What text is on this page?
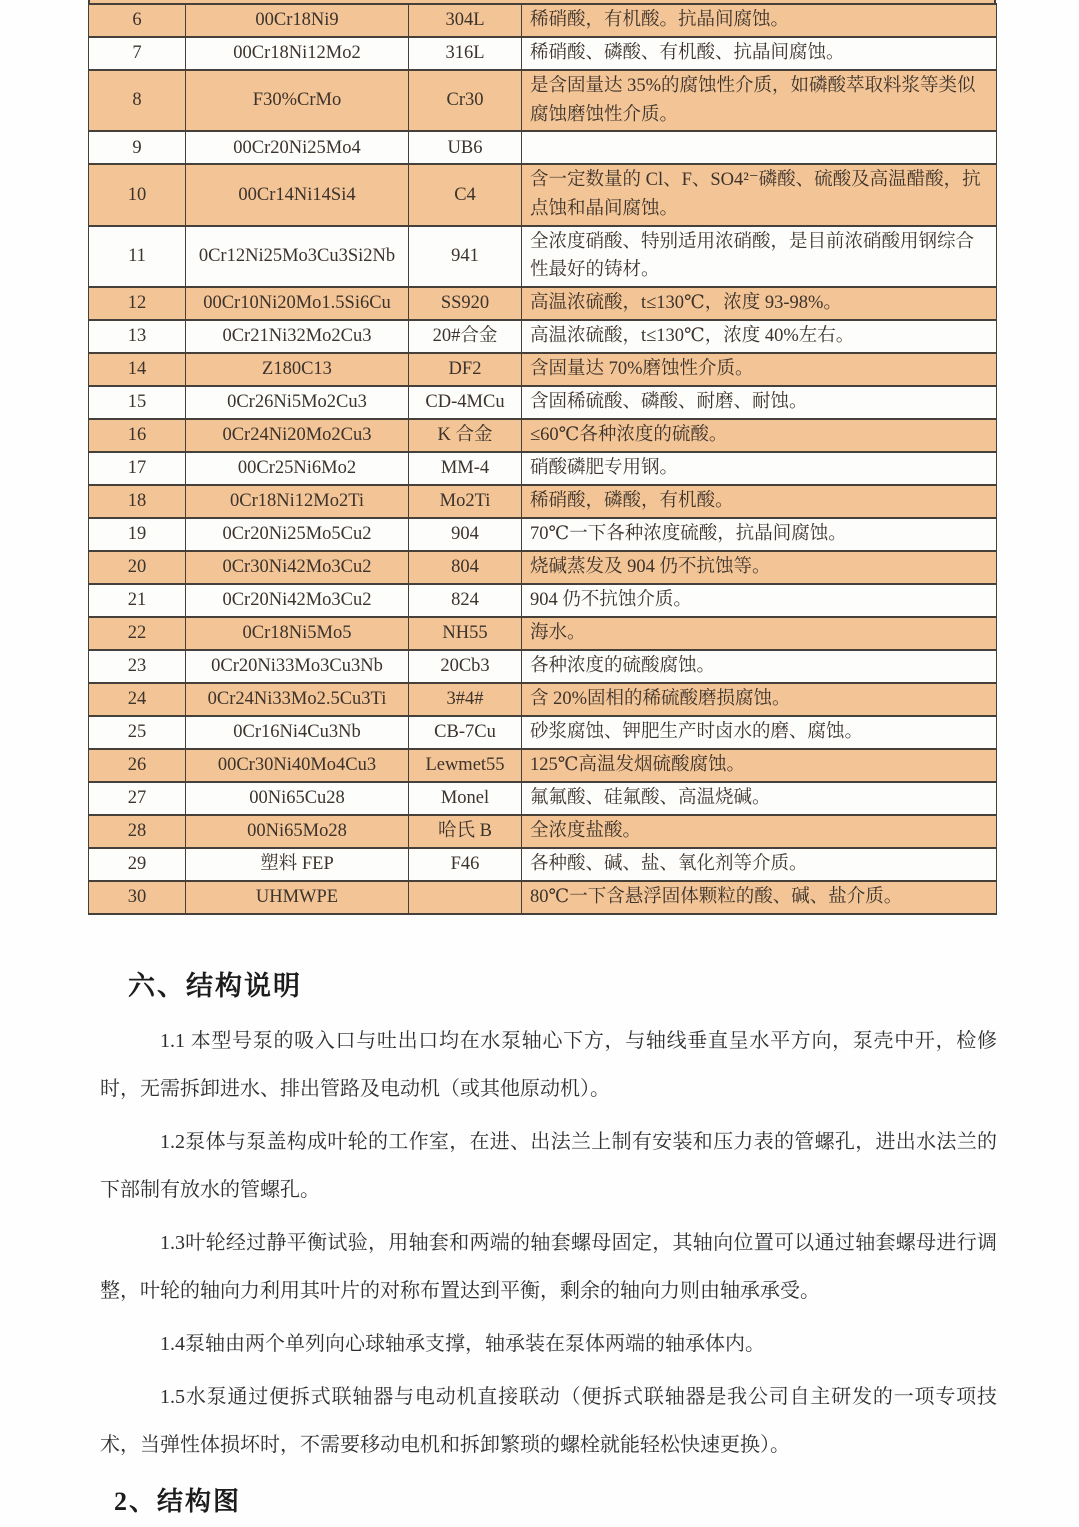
6	00Cr18Ni9	304L	稀硝酸，有机酸。抗晶间腐蚀。
7	00Cr18Ni12Mo2	316L	稀硝酸、磷酸、有机酸、抗晶间腐蚀。
8	F30%CrMo	Cr30	是含固量达 35%的腐蚀性介质，如磷酸萃取料浆等类似腐蚀磨蚀性介质。
9	00Cr20Ni25Mo4	UB6	
10	00Cr14Ni14Si4	C4	含一定数量的 Cl、F、SO4²⁻磷酸、硫酸及高温醋酸，抗点蚀和晶间腐蚀。
11	0Cr12Ni25Mo3Cu3Si2Nb	941	全浓度硝酸、特别适用浓硝酸，是目前浓硝酸用钢综合性最好的铸材。
12	00Cr10Ni20Mo1.5Si6Cu	SS920	高温浓硫酸，t≤130℃，浓度 93-98%。
13	0Cr21Ni32Mo2Cu3	20#合金	高温浓硫酸，t≤130℃，浓度 40%左右。
14	Z180C13	DF2	含固量达 70%磨蚀性介质。
15	0Cr26Ni5Mo2Cu3	CD-4MCu	含固稀硫酸、磷酸、耐磨、耐蚀。
16	0Cr24Ni20Mo2Cu3	K 合金	≤60℃各种浓度的硫酸。
17	00Cr25Ni6Mo2	MM-4	硝酸磷肥专用钢。
18	0Cr18Ni12Mo2Ti	Mo2Ti	稀硝酸，磷酸，有机酸。
19	0Cr20Ni25Mo5Cu2	904	70℃一下各种浓度硫酸，抗晶间腐蚀。
20	0Cr30Ni42Mo3Cu2	804	烧碱蒸发及 904 仍不抗蚀等。
21	0Cr20Ni42Mo3Cu2	824	904 仍不抗蚀介质。
22	0Cr18Ni5Mo5	NH55	海水。
23	0Cr20Ni33Mo3Cu3Nb	20Cb3	各种浓度的硫酸腐蚀。
24	0Cr24Ni33Mo2.5Cu3Ti	3#4#	含 20%固相的稀硫酸磨损腐蚀。
25	0Cr16Ni4Cu3Nb	CB-7Cu	砂浆腐蚀、钾肥生产时卤水的磨、腐蚀。
26	00Cr30Ni40Mo4Cu3	Lewmet55	125℃高温发烟硫酸腐蚀。
27	00Ni65Cu28	Monel	氟氟酸、硅氟酸、高温烧碱。
28	00Ni65Mo28	哈氏 B	全浓度盐酸。
29	塑料 FEP	F46	各种酸、碱、盐、氧化剂等介质。
30	UHMWPE		80℃一下含悬浮固体颗粒的酸、碱、盐介质。
六、结构说明

1.1 本型号泵的吸入口与吐出口均在水泵轴心下方，与轴线垂直呈水平方向，泵壳中开，检修时，无需拆卸进水、排出管路及电动机（或其他原动机）。

1.2泵体与泵盖构成叶轮的工作室，在进、出法兰上制有安装和压力表的管螺孔，进出水法兰的下部制有放水的管螺孔。

1.3叶轮经过静平衡试验，用轴套和两端的轴套螺母固定，其轴向位置可以通过轴套螺母进行调整，叶轮的轴向力利用其叶片的对称布置达到平衡，剩余的轴向力则由轴承承受。

1.4泵轴由两个单列向心球轴承支撑，轴承装在泵体两端的轴承体内。

1.5水泵通过便拆式联轴器与电动机直接联动（便拆式联轴器是我公司自主研发的一项专项技术，当弹性体损坏时，不需要移动电机和拆卸繁琐的螺栓就能轻松快速更换）。

2、结构图
